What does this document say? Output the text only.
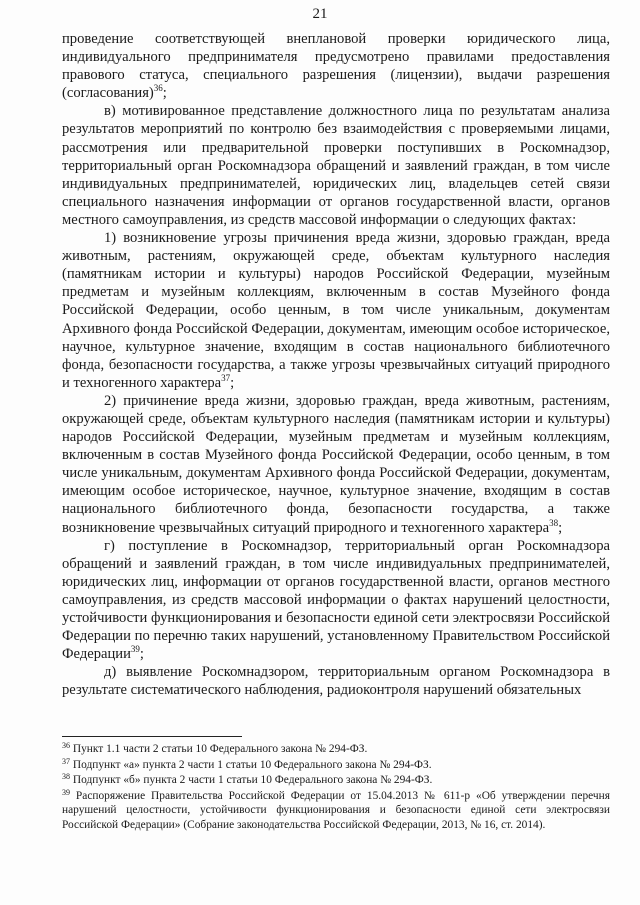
21

проведение соответствующей внеплановой проверки юридического лица, индивидуального предпринимателя предусмотрено правилами предоставления правового статуса, специального разрешения (лицензии), выдачи разрешения (согласования)$^{36}$;

в) мотивированное представление должностного лица по результатам анализа результатов мероприятий по контролю без взаимодействия с проверяемыми лицами, рассмотрения или предварительной проверки поступивших в Роскомнадзор, территориальный орган Роскомнадзора обращений и заявлений граждан, в том числе индивидуальных предпринимателей, юридических лиц, владельцев сетей связи специального назначения информации от органов государственной власти, органов местного самоуправления, из средств массовой информации о следующих фактах:

1) возникновение угрозы причинения вреда жизни, здоровью граждан, вреда животным, растениям, окружающей среде, объектам культурного наследия (памятникам истории и культуры) народов Российской Федерации, музейным предметам и музейным коллекциям, включенным в состав Музейного фонда Российской Федерации, особо ценным, в том числе уникальным, документам Архивного фонда Российской Федерации, документам, имеющим особое историческое, научное, культурное значение, входящим в состав национального библиотечного фонда, безопасности государства, а также угрозы чрезвычайных ситуаций природного и техногенного характера$^{37}$;

2) причинение вреда жизни, здоровью граждан, вреда животным, растениям, окружающей среде, объектам культурного наследия (памятникам истории и культуры) народов Российской Федерации, музейным предметам и музейным коллекциям, включенным в состав Музейного фонда Российской Федерации, особо ценным, в том числе уникальным, документам Архивного фонда Российской Федерации, документам, имеющим особое историческое, научное, культурное значение, входящим в состав национального библиотечного фонда, безопасности государства, а также возникновение чрезвычайных ситуаций природного и техногенного характера$^{38}$;

г) поступление в Роскомнадзор, территориальный орган Роскомнадзора обращений и заявлений граждан, в том числе индивидуальных предпринимателей, юридических лиц, информации от органов государственной власти, органов местного самоуправления, из средств массовой информации о фактах нарушений целостности, устойчивости функционирования и безопасности единой сети электросвязи Российской Федерации по перечню таких нарушений, установленному Правительством Российской Федерации$^{39}$;

д) выявление Роскомнадзором, территориальным органом Роскомнадзора в результате систематического наблюдения, радиоконтроля нарушений обязательных

$^{36}$ Пункт 1.1 части 2 статьи 10 Федерального закона № 294-ФЗ.

$^{37}$ Подпункт «а» пункта 2 части 1 статьи 10 Федерального закона № 294-ФЗ.

$^{38}$ Подпункт «б» пункта 2 части 1 статьи 10 Федерального закона № 294-ФЗ.

$^{39}$ Распоряжение Правительства Российской Федерации от 15.04.2013 № 611-р «Об утверждении перечня нарушений целостности, устойчивости функционирования и безопасности единой сети электросвязи Российской Федерации» (Собрание законодательства Российской Федерации, 2013, № 16, ст. 2014).
